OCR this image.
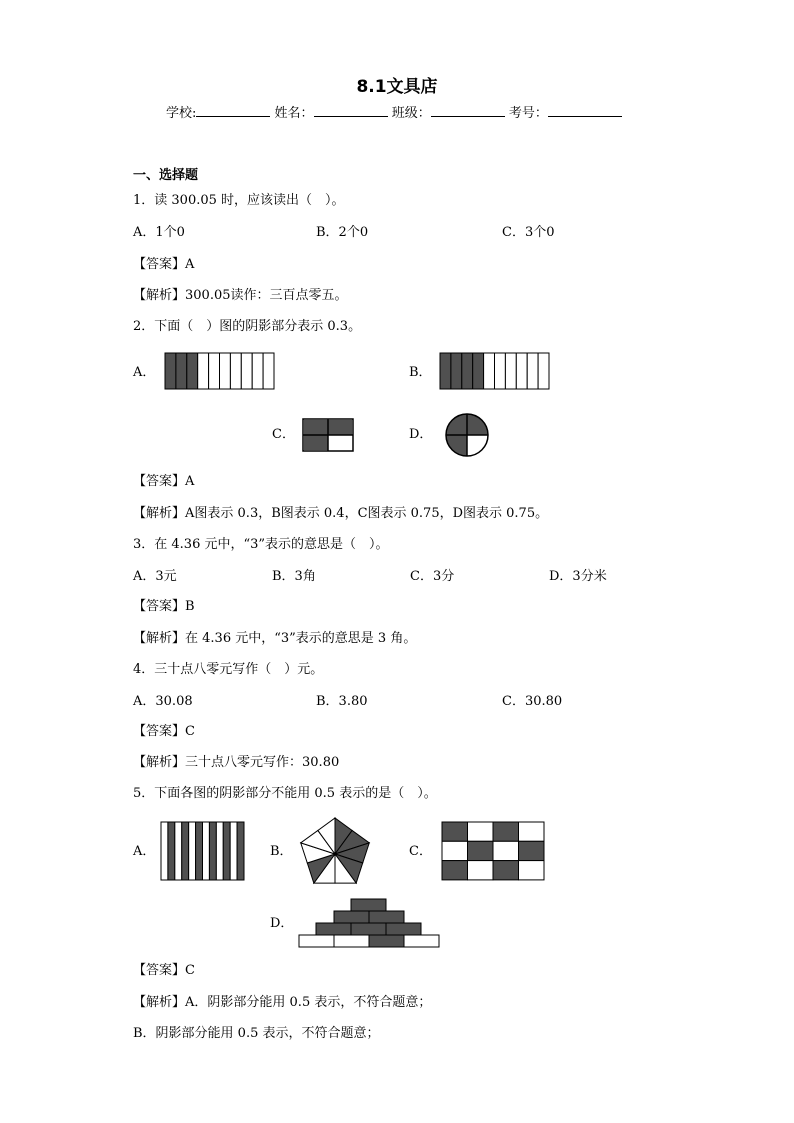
8.1文具店
学校:	姓名：	班级：	考号：
一、选择题
1．读 300.05 时，应该读出（　）。
A．1个0	B．2个0	C．3个0
【答案】A
【解析】300.05读作：三百点零五。
2．下面（　）图的阴影部分表示 0.3。
A．	B．
C．	D．
【答案】A
【解析】A图表示 0.3，B图表示 0.4，C图表示 0.75，D图表示 0.75。
3．在 4.36 元中，“3”表示的意思是（　）。
A．3元	B．3角	C．3分	D．3分米
【答案】B
【解析】在 4.36 元中，“3”表示的意思是 3 角。
4．三十点八零元写作（　）元。
A．30.08	B．3.80	C．30.80
【答案】C
【解析】三十点八零元写作：30.80
5．下面各图的阴影部分不能用 0.5 表示的是（　）。
A．	B．	C．
D．
【答案】C
【解析】A．阴影部分能用 0.5 表示，不符合题意；
B．阴影部分能用 0.5 表示，不符合题意；
